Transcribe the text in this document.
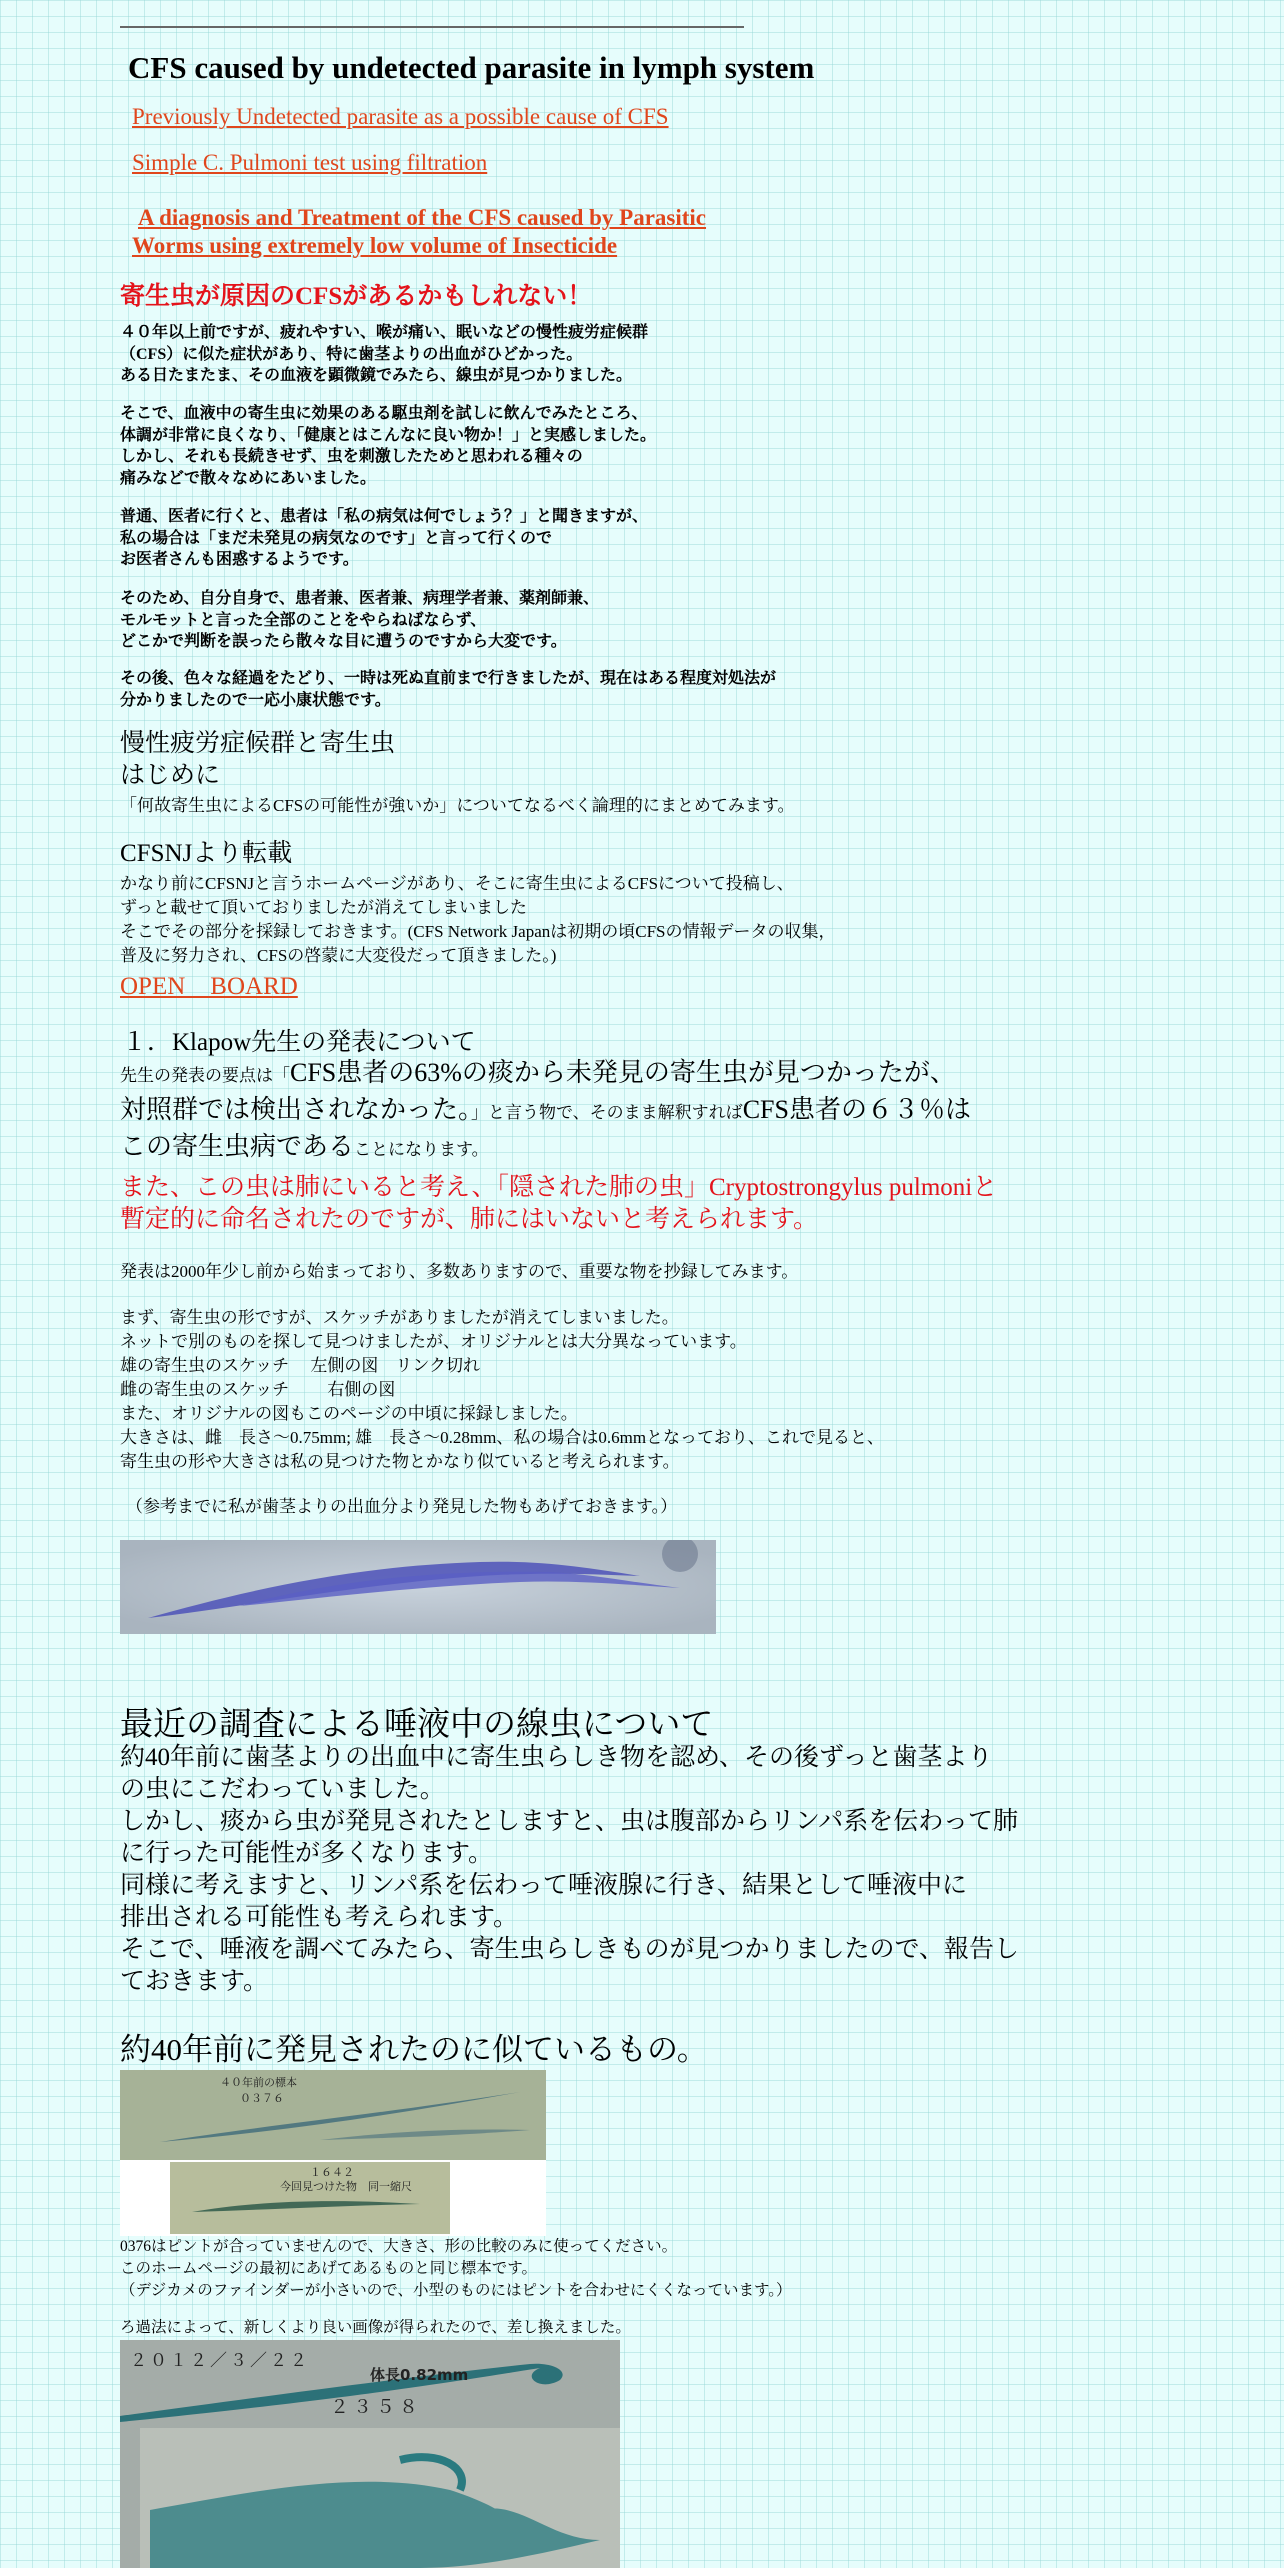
CFS caused by undetected parasite in lymph system
Previously Undetected parasite as a possible cause of CFS
Simple C. Pulmoni test using filtration
A diagnosis and Treatment of the CFS caused by Parasitic
Worms using extremely low volume of Insecticide
寄生虫が原因のCFSがあるかもしれない！
４０年以上前ですが、疲れやすい、喉が痛い、眠いなどの慢性疲労症候群
（CFS）に似た症状があり、特に歯茎よりの出血がひどかった。
ある日たまたま、その血液を顕微鏡でみたら、線虫が見つかりました。
そこで、血液中の寄生虫に効果のある駆虫剤を試しに飲んでみたところ、
体調が非常に良くなり、「健康とはこんなに良い物か！」と実感しました。
しかし、それも長続きせず、虫を刺激したためと思われる種々の
痛みなどで散々なめにあいました。
普通、医者に行くと、患者は「私の病気は何でしょう？」と聞きますが、
私の場合は「まだ未発見の病気なのです」と言って行くので
お医者さんも困惑するようです。
そのため、自分自身で、患者兼、医者兼、病理学者兼、薬剤師兼、
モルモットと言った全部のことをやらねばならず、
どこかで判断を誤ったら散々な目に遭うのですから大変です。
その後、色々な経過をたどり、一時は死ぬ直前まで行きましたが、現在はある程度対処法が
分かりましたので一応小康状態です。
慢性疲労症候群と寄生虫
はじめに
「何故寄生虫によるCFSの可能性が強いか」についてなるべく論理的にまとめてみます。
CFSNJより転載
かなり前にCFSNJと言うホームページがあり、そこに寄生虫によるCFSについて投稿し、
ずっと載せて頂いておりましたが消えてしまいました
そこでその部分を採録しておきます。(CFS Network Japanは初期の頃CFSの情報データの収集，
普及に努力され、CFSの啓蒙に大変役だって頂きました。)
OPEN　BOARD
１．Klapow先生の発表について
先生の発表の要点は「CFS患者の63%の痰から未発見の寄生虫が見つかったが、
対照群では検出されなかった。」と言う物で、そのまま解釈すればCFS患者の６３％は
この寄生虫病であることになります。
また、この虫は肺にいると考え、「隠された肺の虫」Cryptostrongylus pulmoniと
暫定的に命名されたのですが、肺にはいないと考えられます。
発表は2000年少し前から始まっており、多数ありますので、重要な物を抄録してみます。
まず、寄生虫の形ですが、スケッチがありましたが消えてしまいました。
ネットで別のものを探して見つけましたが、オリジナルとは大分異なっています。
雄の寄生虫のスケッチ　 左側の図　リンク切れ
雌の寄生虫のスケッチ　　 右側の図
また、オリジナルの図もこのページの中頃に採録しました。
大きさは、雌　長さ～0.75mm; 雄　長さ～0.28mm、私の場合は0.6mmとなっており、これで見ると、
寄生虫の形や大きさは私の見つけた物とかなり似ていると考えられます。
（参考までに私が歯茎よりの出血分より発見した物もあげておきます。）
最近の調査による唾液中の線虫について
約40年前に歯茎よりの出血中に寄生虫らしき物を認め、その後ずっと歯茎より
の虫にこだわっていました。
しかし、痰から虫が発見されたとしますと、虫は腹部からリンパ系を伝わって肺
に行った可能性が多くなります。
同様に考えますと、リンパ系を伝わって唾液腺に行き、結果として唾液中に
排出される可能性も考えられます。
そこで、唾液を調べてみたら、寄生虫らしきものが見つかりましたので、報告し
ておきます。
約40年前に発見されたのに似ているもの。
４０年前の標本
０３７６
１６４２
今回見つけた物　同一縮尺
0376はピントが合っていませんので、大きさ、形の比較のみに使ってください。
このホームページの最初にあげてあるものと同じ標本です。
（デジカメのファインダーが小さいので、小型のものにはピントを合わせにくくなっています。）
ろ過法によって、新しくより良い画像が得られたので、差し換えました。
２０１２／３／２２
体長0.82mm
２３５８
